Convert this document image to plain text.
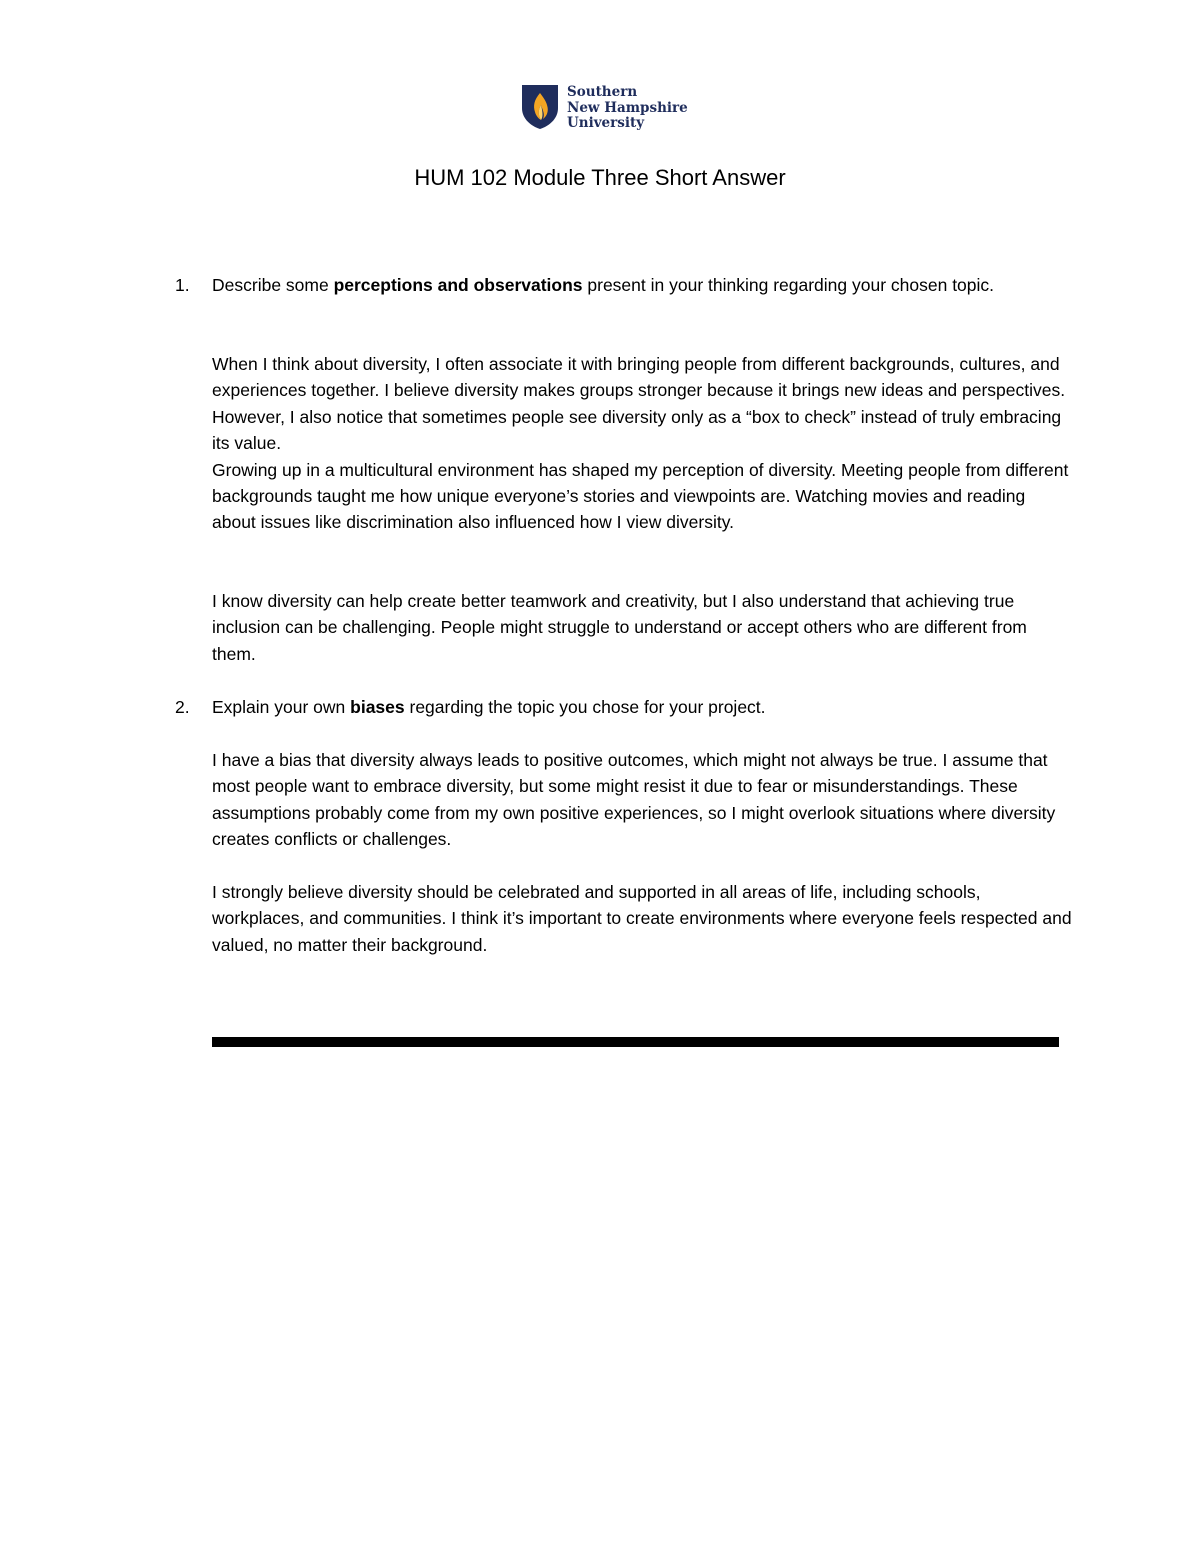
Southern
New Hampshire
University
HUM 102 Module Three Short Answer
1. Describe some perceptions and observations present in your thinking regarding your chosen topic.

When I think about diversity, I often associate it with bringing people from different backgrounds, cultures, and experiences together. I believe diversity makes groups stronger because it brings new ideas and perspectives. However, I also notice that sometimes people see diversity only as a “box to check” instead of truly embracing its value.

Growing up in a multicultural environment has shaped my perception of diversity. Meeting people from different backgrounds taught me how unique everyone’s stories and viewpoints are. Watching movies and reading about issues like discrimination also influenced how I view diversity.

I know diversity can help create better teamwork and creativity, but I also understand that achieving true inclusion can be challenging. People might struggle to understand or accept others who are different from them.

2. Explain your own biases regarding the topic you chose for your project.

I have a bias that diversity always leads to positive outcomes, which might not always be true. I assume that most people want to embrace diversity, but some might resist it due to fear or misunderstandings. These assumptions probably come from my own positive experiences, so I might overlook situations where diversity creates conflicts or challenges.

I strongly believe diversity should be celebrated and supported in all areas of life, including schools, workplaces, and communities. I think it’s important to create environments where everyone feels respected and valued, no matter their background.
